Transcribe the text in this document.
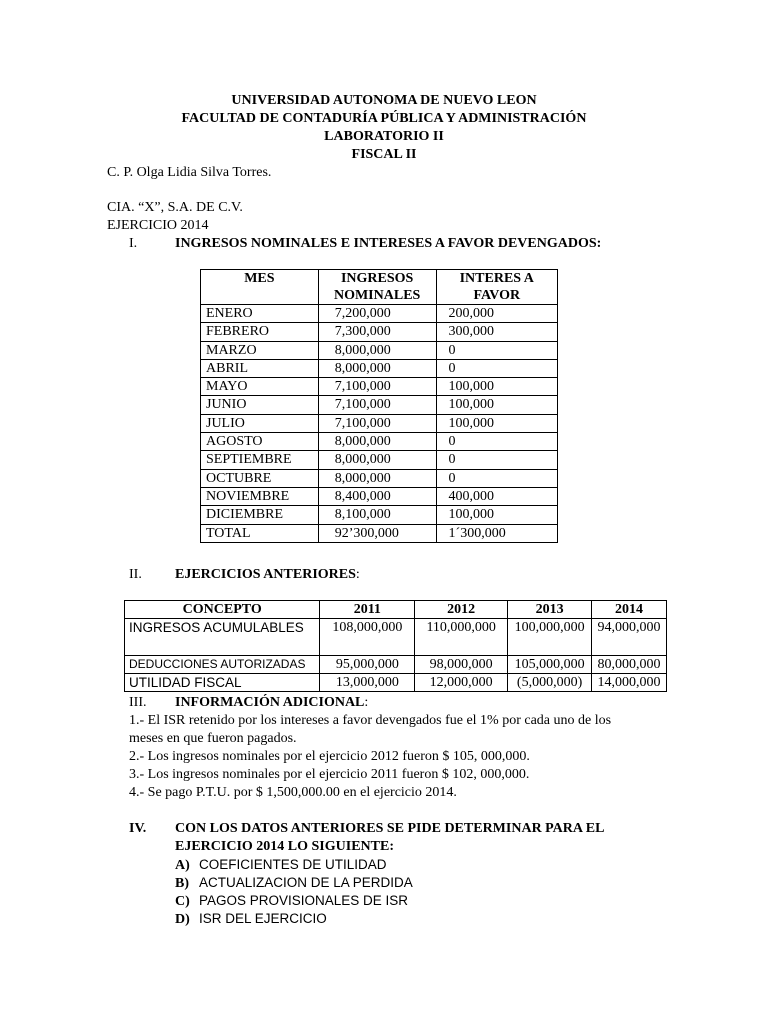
UNIVERSIDAD AUTONOMA DE NUEVO LEON
FACULTAD DE CONTADURÍA PÚBLICA Y ADMINISTRACIÓN
LABORATORIO II
FISCAL II
C. P. Olga Lidia Silva Torres.
CIA. “X”, S.A. DE C.V.
EJERCICIO 2014
I.	INGRESOS NOMINALES E INTERESES A FAVOR DEVENGADOS:
MES	INGRESOS NOMINALES	INTERES A FAVOR
ENERO	7,200,000	200,000
FEBRERO	7,300,000	300,000
MARZO	8,000,000	0
ABRIL	8,000,000	0
MAYO	7,100,000	100,000
JUNIO	7,100,000	100,000
JULIO	7,100,000	100,000
AGOSTO	8,000,000	0
SEPTIEMBRE	8,000,000	0
OCTUBRE	8,000,000	0
NOVIEMBRE	8,400,000	400,000
DICIEMBRE	8,100,000	100,000
TOTAL	92’300,000	1´300,000
II. EJERCICIOS ANTERIORES:
CONCEPTO	2011	2012	2013	2014
INGRESOS ACUMULABLES	108,000,000	110,000,000	100,000,000	94,000,000
DEDUCCIONES AUTORIZADAS	95,000,000	98,000,000	105,000,000	80,000,000
UTILIDAD FISCAL	13,000,000	12,000,000	(5,000,000)	14,000,000
III. INFORMACIÓN ADICIONAL:
1.- El ISR retenido por los intereses a favor devengados fue el 1% por cada uno de los
meses en que fueron pagados.
2.- Los ingresos nominales por el ejercicio 2012 fueron $ 105, 000,000.
3.- Los ingresos nominales por el ejercicio 2011 fueron $ 102, 000,000.
4.- Se pago P.T.U. por $ 1,500,000.00 en el ejercicio 2014.
IV. CON LOS DATOS ANTERIORES SE PIDE DETERMINAR PARA EL
EJERCICIO 2014 LO SIGUIENTE:
A) COEFICIENTES DE UTILIDAD
B) ACTUALIZACION DE LA PERDIDA
C) PAGOS PROVISIONALES DE ISR
D) ISR DEL EJERCICIO
